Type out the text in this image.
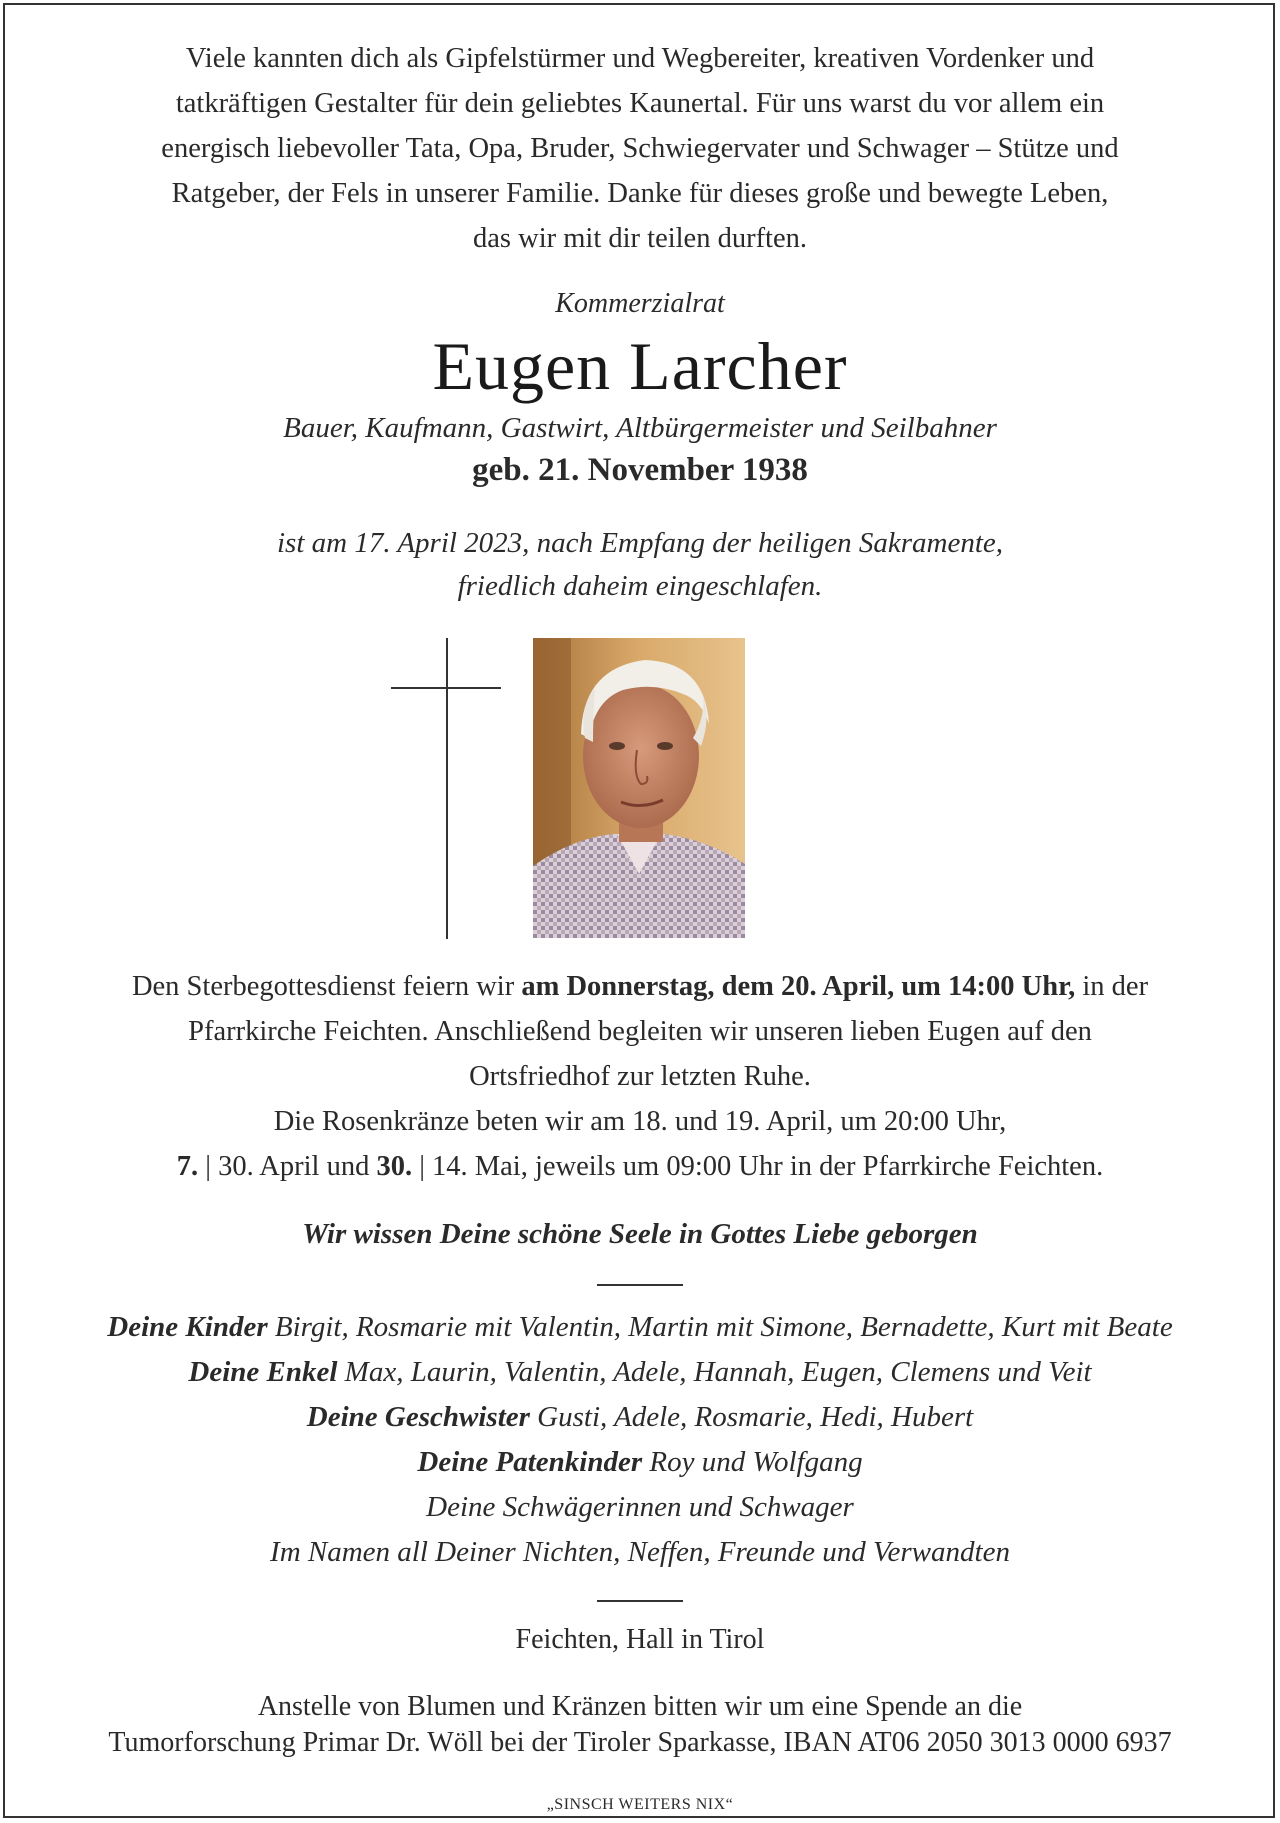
Viele kannten dich als Gipfelstürmer und Wegbereiter, kreativen Vordenker und

tatkräftigen Gestalter für dein geliebtes Kaunertal. Für uns warst du vor allem ein

energisch liebevoller Tata, Opa, Bruder, Schwiegervater und Schwager – Stütze und

Ratgeber, der Fels in unserer Familie. Danke für dieses große und bewegte Leben,

das wir mit dir teilen durften.

Kommerzialrat
Eugen Larcher
Bauer, Kaufmann, Gastwirt, Altbürgermeister und Seilbahner
geb. 21. November 1938

ist am 17. April 2023, nach Empfang der heiligen Sakramente,

friedlich daheim eingeschlafen.

Den Sterbegottesdienst feiern wir am Donnerstag, dem 20. April, um 14:00 Uhr, in der

Pfarrkirche Feichten. Anschließend begleiten wir unseren lieben Eugen auf den

Ortsfriedhof zur letzten Ruhe.

Die Rosenkränze beten wir am 18. und 19. April, um 20:00 Uhr,

7. | 30. April und 30. | 14. Mai, jeweils um 09:00 Uhr in der Pfarrkirche Feichten.

Wir wissen Deine schöne Seele in Gottes Liebe geborgen

Deine Kinder Birgit, Rosmarie mit Valentin, Martin mit Simone, Bernadette, Kurt mit Beate

Deine Enkel Max, Laurin, Valentin, Adele, Hannah, Eugen, Clemens und Veit

Deine Geschwister Gusti, Adele, Rosmarie, Hedi, Hubert

Deine Patenkinder Roy und Wolfgang

Deine Schwägerinnen und Schwager

Im Namen all Deiner Nichten, Neffen, Freunde und Verwandten

Feichten, Hall in Tirol

Anstelle von Blumen und Kränzen bitten wir um eine Spende an die

Tumorforschung Primar Dr. Wöll bei der Tiroler Sparkasse, IBAN AT06 2050 3013 0000 6937

„SINSCH WEITERS NIX“
